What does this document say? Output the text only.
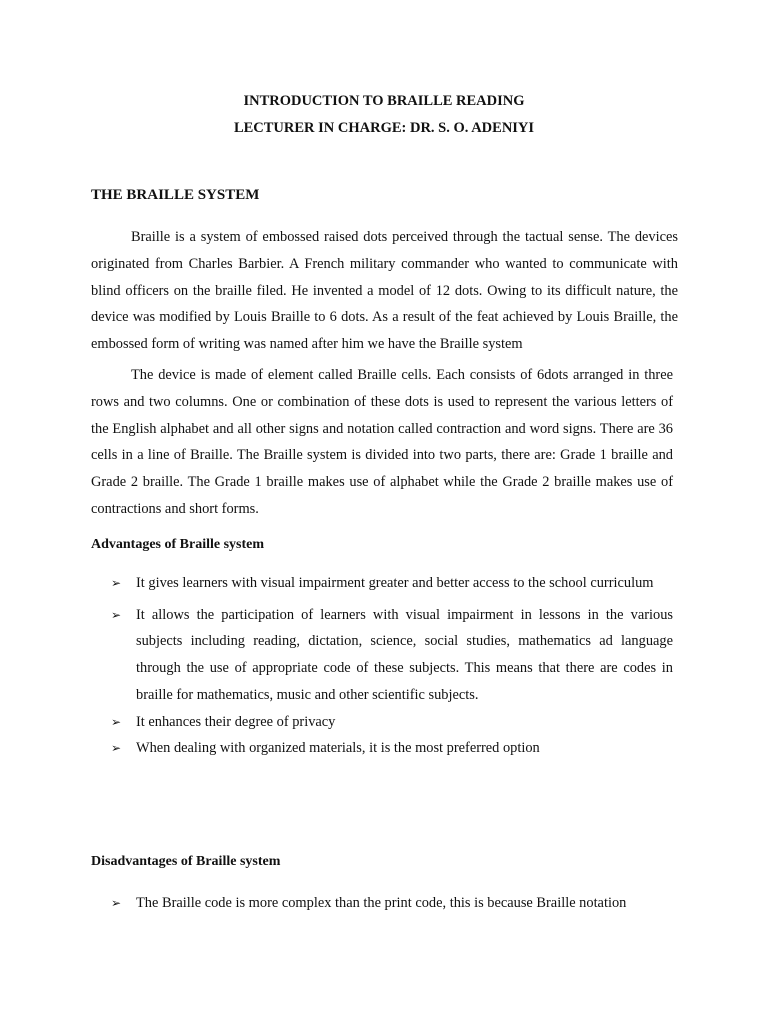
INTRODUCTION TO BRAILLE READING

LECTURER IN CHARGE: DR. S. O. ADENIYI

THE BRAILLE SYSTEM

Braille is a system of embossed raised dots perceived through the tactual sense. The devices originated from Charles Barbier. A French military commander who wanted to communicate with blind officers on the braille filed. He invented a model of 12 dots. Owing to its difficult nature, the device was modified by Louis Braille to 6 dots. As a result of the feat achieved by Louis Braille, the embossed form of writing was named after him we have the Braille system

The device is made of element called Braille cells. Each consists of 6dots arranged in three rows and two columns. One or combination of these dots is used to represent the various letters of the English alphabet and all other signs and notation called contraction and word signs. There are 36 cells in a line of Braille. The Braille system is divided into two parts, there are: Grade 1 braille and Grade 2 braille. The Grade 1 braille makes use of alphabet while the Grade 2 braille makes use of contractions and short forms.

Advantages of Braille system
➢ It gives learners with visual impairment greater and better access to the school curriculum
➢ It allows the participation of learners with visual impairment in lessons in the various subjects including reading, dictation, science, social studies, mathematics ad language through the use of appropriate code of these subjects. This means that there are codes in braille for mathematics, music and other scientific subjects.
➢ It enhances their degree of privacy
➢ When dealing with organized materials, it is the most preferred option
Disadvantages of Braille system
➢ The Braille code is more complex than the print code, this is because Braille notation
